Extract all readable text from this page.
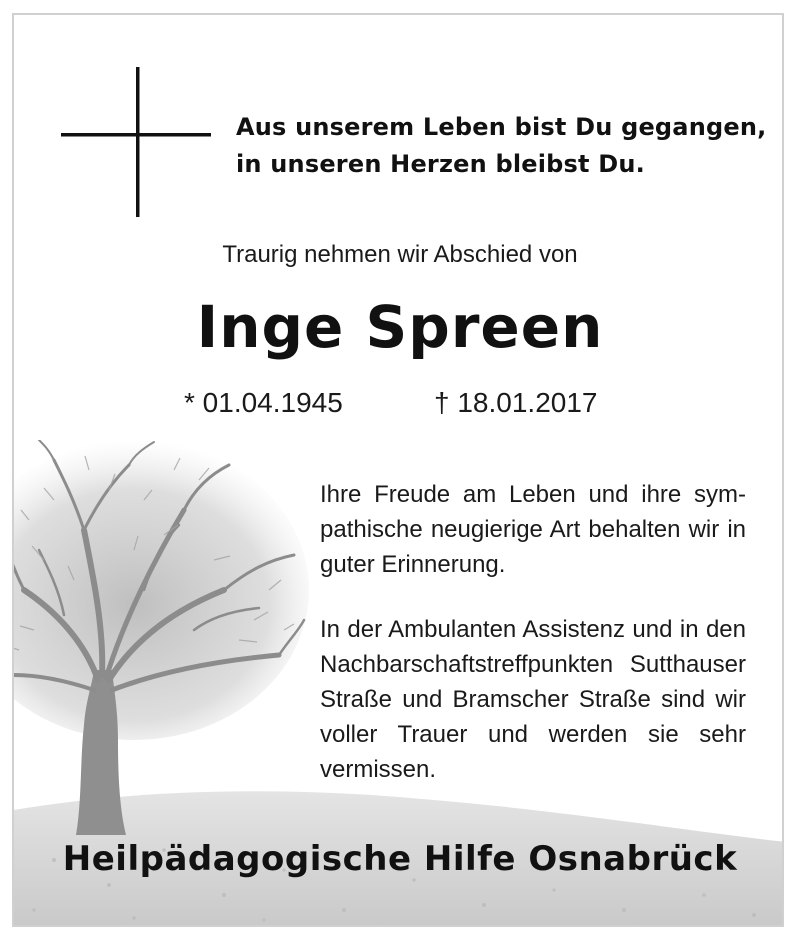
Aus unserem Leben bist Du gegangen,
in unseren Herzen bleibst Du.
Traurig nehmen wir Abschied von
Inge Spreen
* 01.04.1945	† 18.01.2017
Ihre Freude am Leben und ihre sympathische neugierige Art behalten wir in guter Erinnerung.
In der Ambulanten Assistenz und in den Nachbarschaftstreffpunkten Sutthauser Straße und Bramscher Straße sind wir voller Trauer und werden sie sehr vermissen.
Heilpädagogische Hilfe Osnabrück
